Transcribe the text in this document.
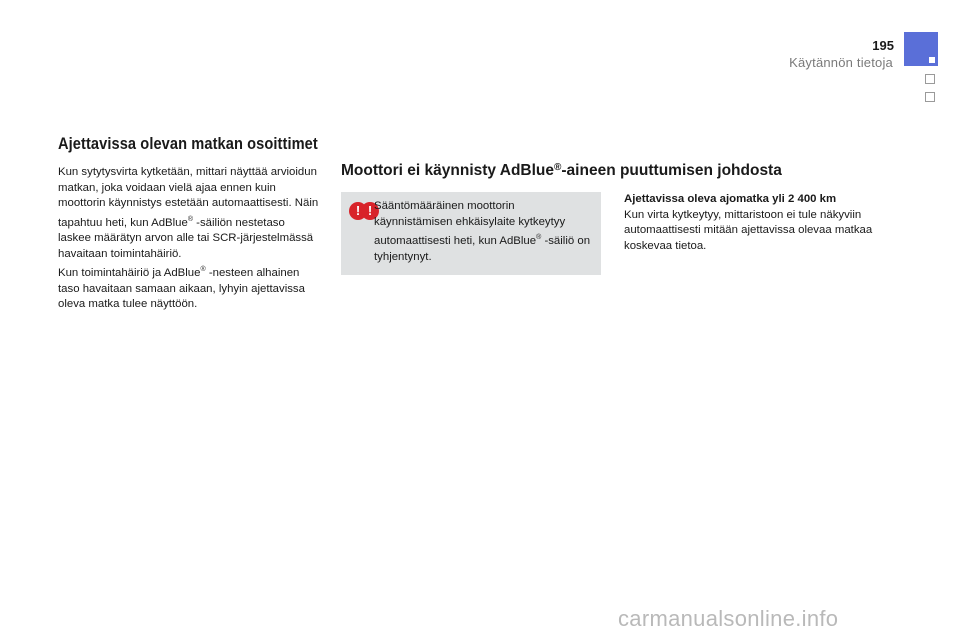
195
Käytännön tietoja
Ajettavissa olevan matkan osoittimet

Kun sytytysvirta kytketään, mittari näyttää arvioidun matkan, joka voidaan vielä ajaa ennen kuin moottorin käynnistys estetään automaattisesti. Näin tapahtuu heti, kun AdBlue® -säiliön nestetaso laskee määrätyn arvon alle tai SCR-järjestelmässä havaitaan toimintahäiriö.

Kun toimintahäiriö ja AdBlue® -nesteen alhainen taso havaitaan samaan aikaan, lyhyin ajettavissa oleva matka tulee näyttöön.

Moottori ei käynnisty AdBlue®-aineen puuttumisen johdosta
! ! Sääntömääräinen moottorin käynnistämisen ehkäisylaite kytkeytyy automaattisesti heti, kun AdBlue® -säiliö on tyhjentynyt.
Ajettavissa oleva ajomatka yli 2 400 km
Kun virta kytkeytyy, mittaristoon ei tule näkyviin automaattisesti mitään ajettavissa olevaa matkaa koskevaa tietoa.
carmanualsonline.info
